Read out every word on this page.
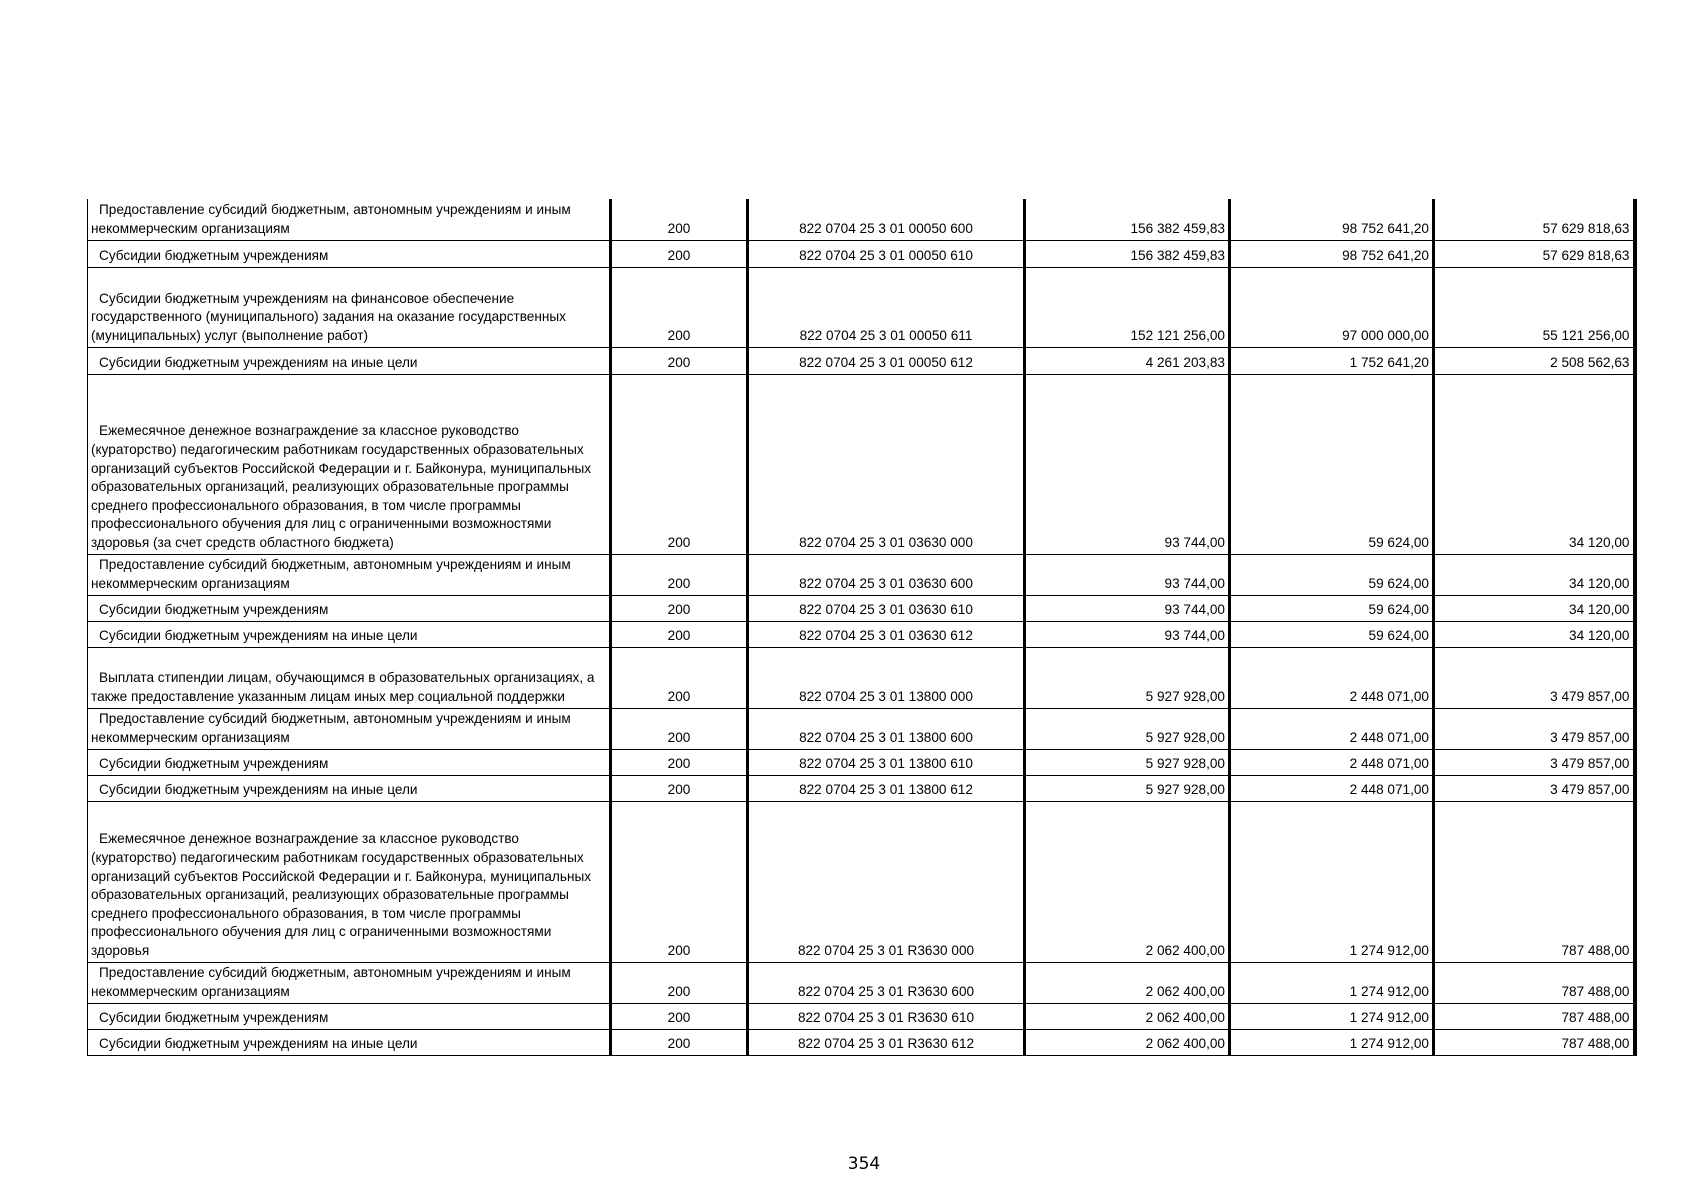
Предоставление субсидий бюджетным, автономным учреждениям и иным некоммерческим организациям	200	822 0704 25 3 01 00050 600	156 382 459,83	98 752 641,20	57 629 818,63

Субсидии бюджетным учреждениям	200	822 0704 25 3 01 00050 610	156 382 459,83	98 752 641,20	57 629 818,63

Субсидии бюджетным учреждениям на финансовое обеспечение государственного (муниципального) задания на оказание государственных (муниципальных) услуг (выполнение работ)	200	822 0704 25 3 01 00050 611	152 121 256,00	97 000 000,00	55 121 256,00

Субсидии бюджетным учреждениям на иные цели	200	822 0704 25 3 01 00050 612	4 261 203,83	1 752 641,20	2 508 562,63

Ежемесячное денежное вознаграждение за классное руководство (кураторство) педагогическим работникам государственных образовательных организаций субъектов Российской Федерации и г. Байконура, муниципальных образовательных организаций, реализующих образовательные программы среднего профессионального образования, в том числе программы профессионального обучения для лиц с ограниченными возможностями здоровья (за счет средств областного бюджета)	200	822 0704 25 3 01 03630 000	93 744,00	59 624,00	34 120,00

Предоставление субсидий бюджетным, автономным учреждениям и иным некоммерческим организациям	200	822 0704 25 3 01 03630 600	93 744,00	59 624,00	34 120,00

Субсидии бюджетным учреждениям	200	822 0704 25 3 01 03630 610	93 744,00	59 624,00	34 120,00

Субсидии бюджетным учреждениям на иные цели	200	822 0704 25 3 01 03630 612	93 744,00	59 624,00	34 120,00

Выплата стипендии лицам, обучающимся в образовательных организациях, а также предоставление указанным лицам иных мер социальной поддержки	200	822 0704 25 3 01 13800 000	5 927 928,00	2 448 071,00	3 479 857,00

Предоставление субсидий бюджетным, автономным учреждениям и иным некоммерческим организациям	200	822 0704 25 3 01 13800 600	5 927 928,00	2 448 071,00	3 479 857,00

Субсидии бюджетным учреждениям	200	822 0704 25 3 01 13800 610	5 927 928,00	2 448 071,00	3 479 857,00

Субсидии бюджетным учреждениям на иные цели	200	822 0704 25 3 01 13800 612	5 927 928,00	2 448 071,00	3 479 857,00

Ежемесячное денежное вознаграждение за классное руководство (кураторство) педагогическим работникам государственных образовательных организаций субъектов Российской Федерации и г. Байконура, муниципальных образовательных организаций, реализующих образовательные программы среднего профессионального образования, в том числе программы профессионального обучения для лиц с ограниченными возможностями здоровья	200	822 0704 25 3 01 R3630 000	2 062 400,00	1 274 912,00	787 488,00

Предоставление субсидий бюджетным, автономным учреждениям и иным некоммерческим организациям	200	822 0704 25 3 01 R3630 600	2 062 400,00	1 274 912,00	787 488,00

Субсидии бюджетным учреждениям	200	822 0704 25 3 01 R3630 610	2 062 400,00	1 274 912,00	787 488,00

Субсидии бюджетным учреждениям на иные цели	200	822 0704 25 3 01 R3630 612	2 062 400,00	1 274 912,00	787 488,00
354
